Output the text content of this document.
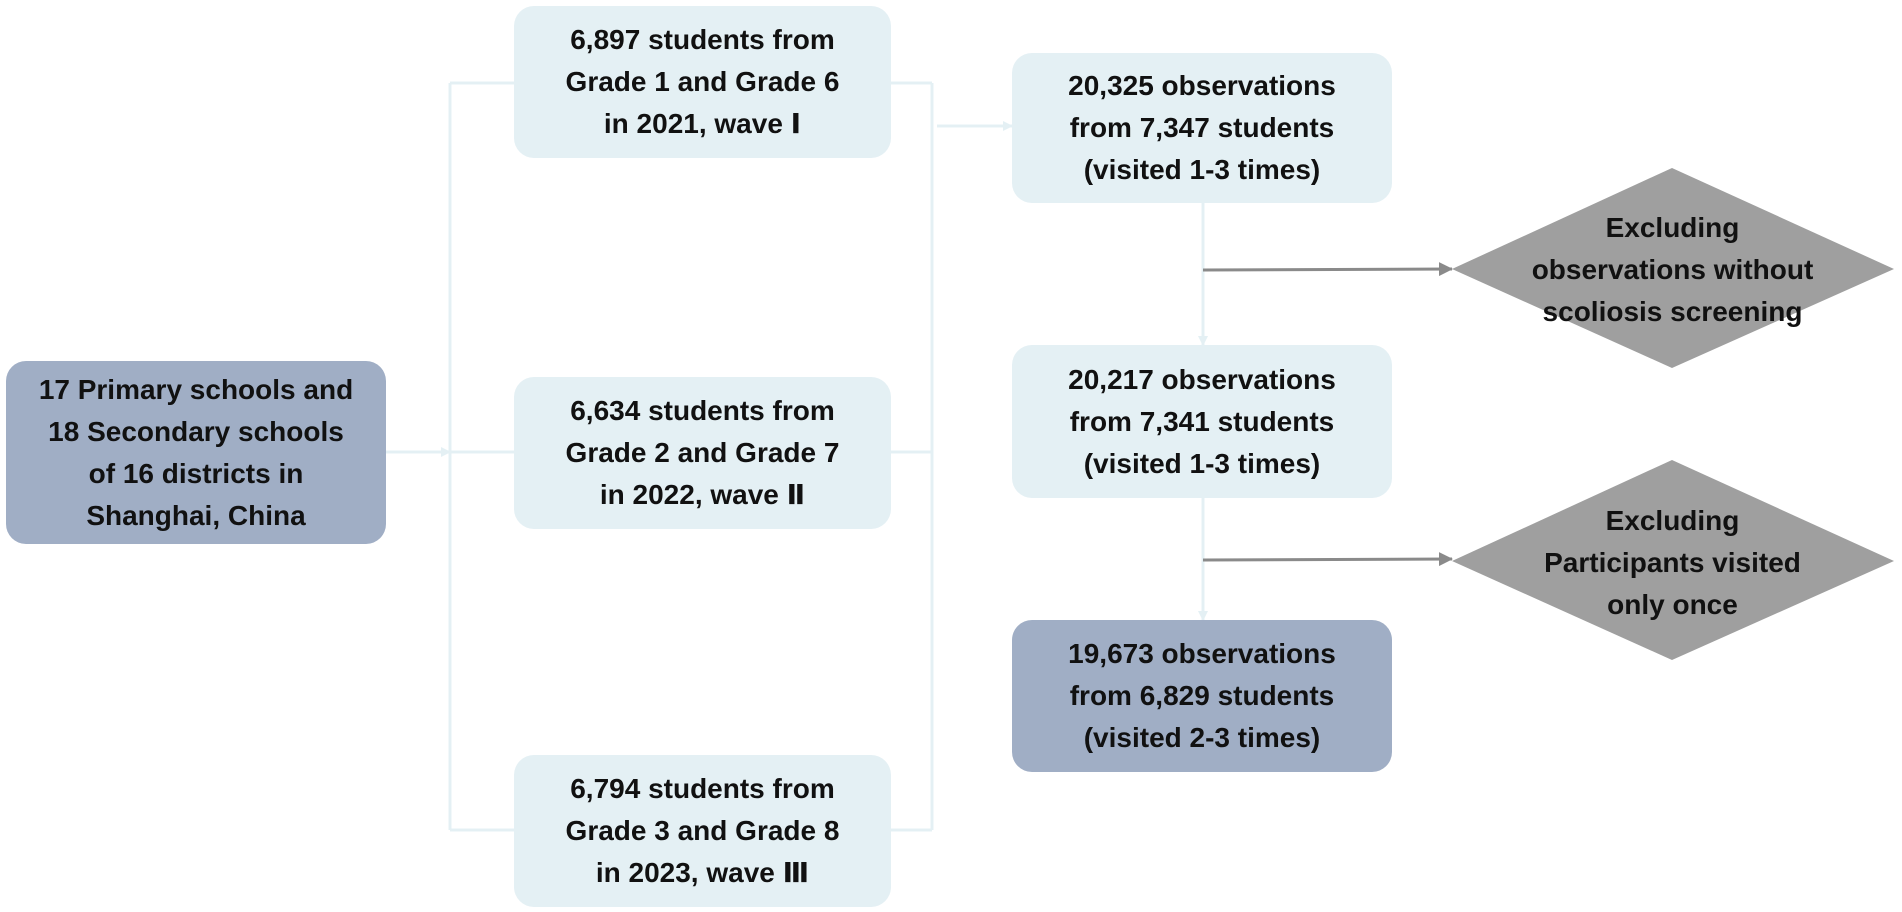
17 Primary schools and
18 Secondary schools
of 16 districts in
Shanghai, China
6,897 students from
Grade 1 and Grade 6
in 2021, wave Ⅰ
6,634 students from
Grade 2 and Grade 7
in 2022, wave Ⅱ
6,794 students from
Grade 3 and Grade 8
in 2023, wave Ⅲ
20,325 observations
from 7,347 students
(visited 1-3 times)
20,217 observations
from 7,341 students
(visited 1-3 times)
19,673 observations
from 6,829 students
(visited 2-3 times)
Excluding
observations without
scoliosis screening
Excluding
Participants visited
only once
